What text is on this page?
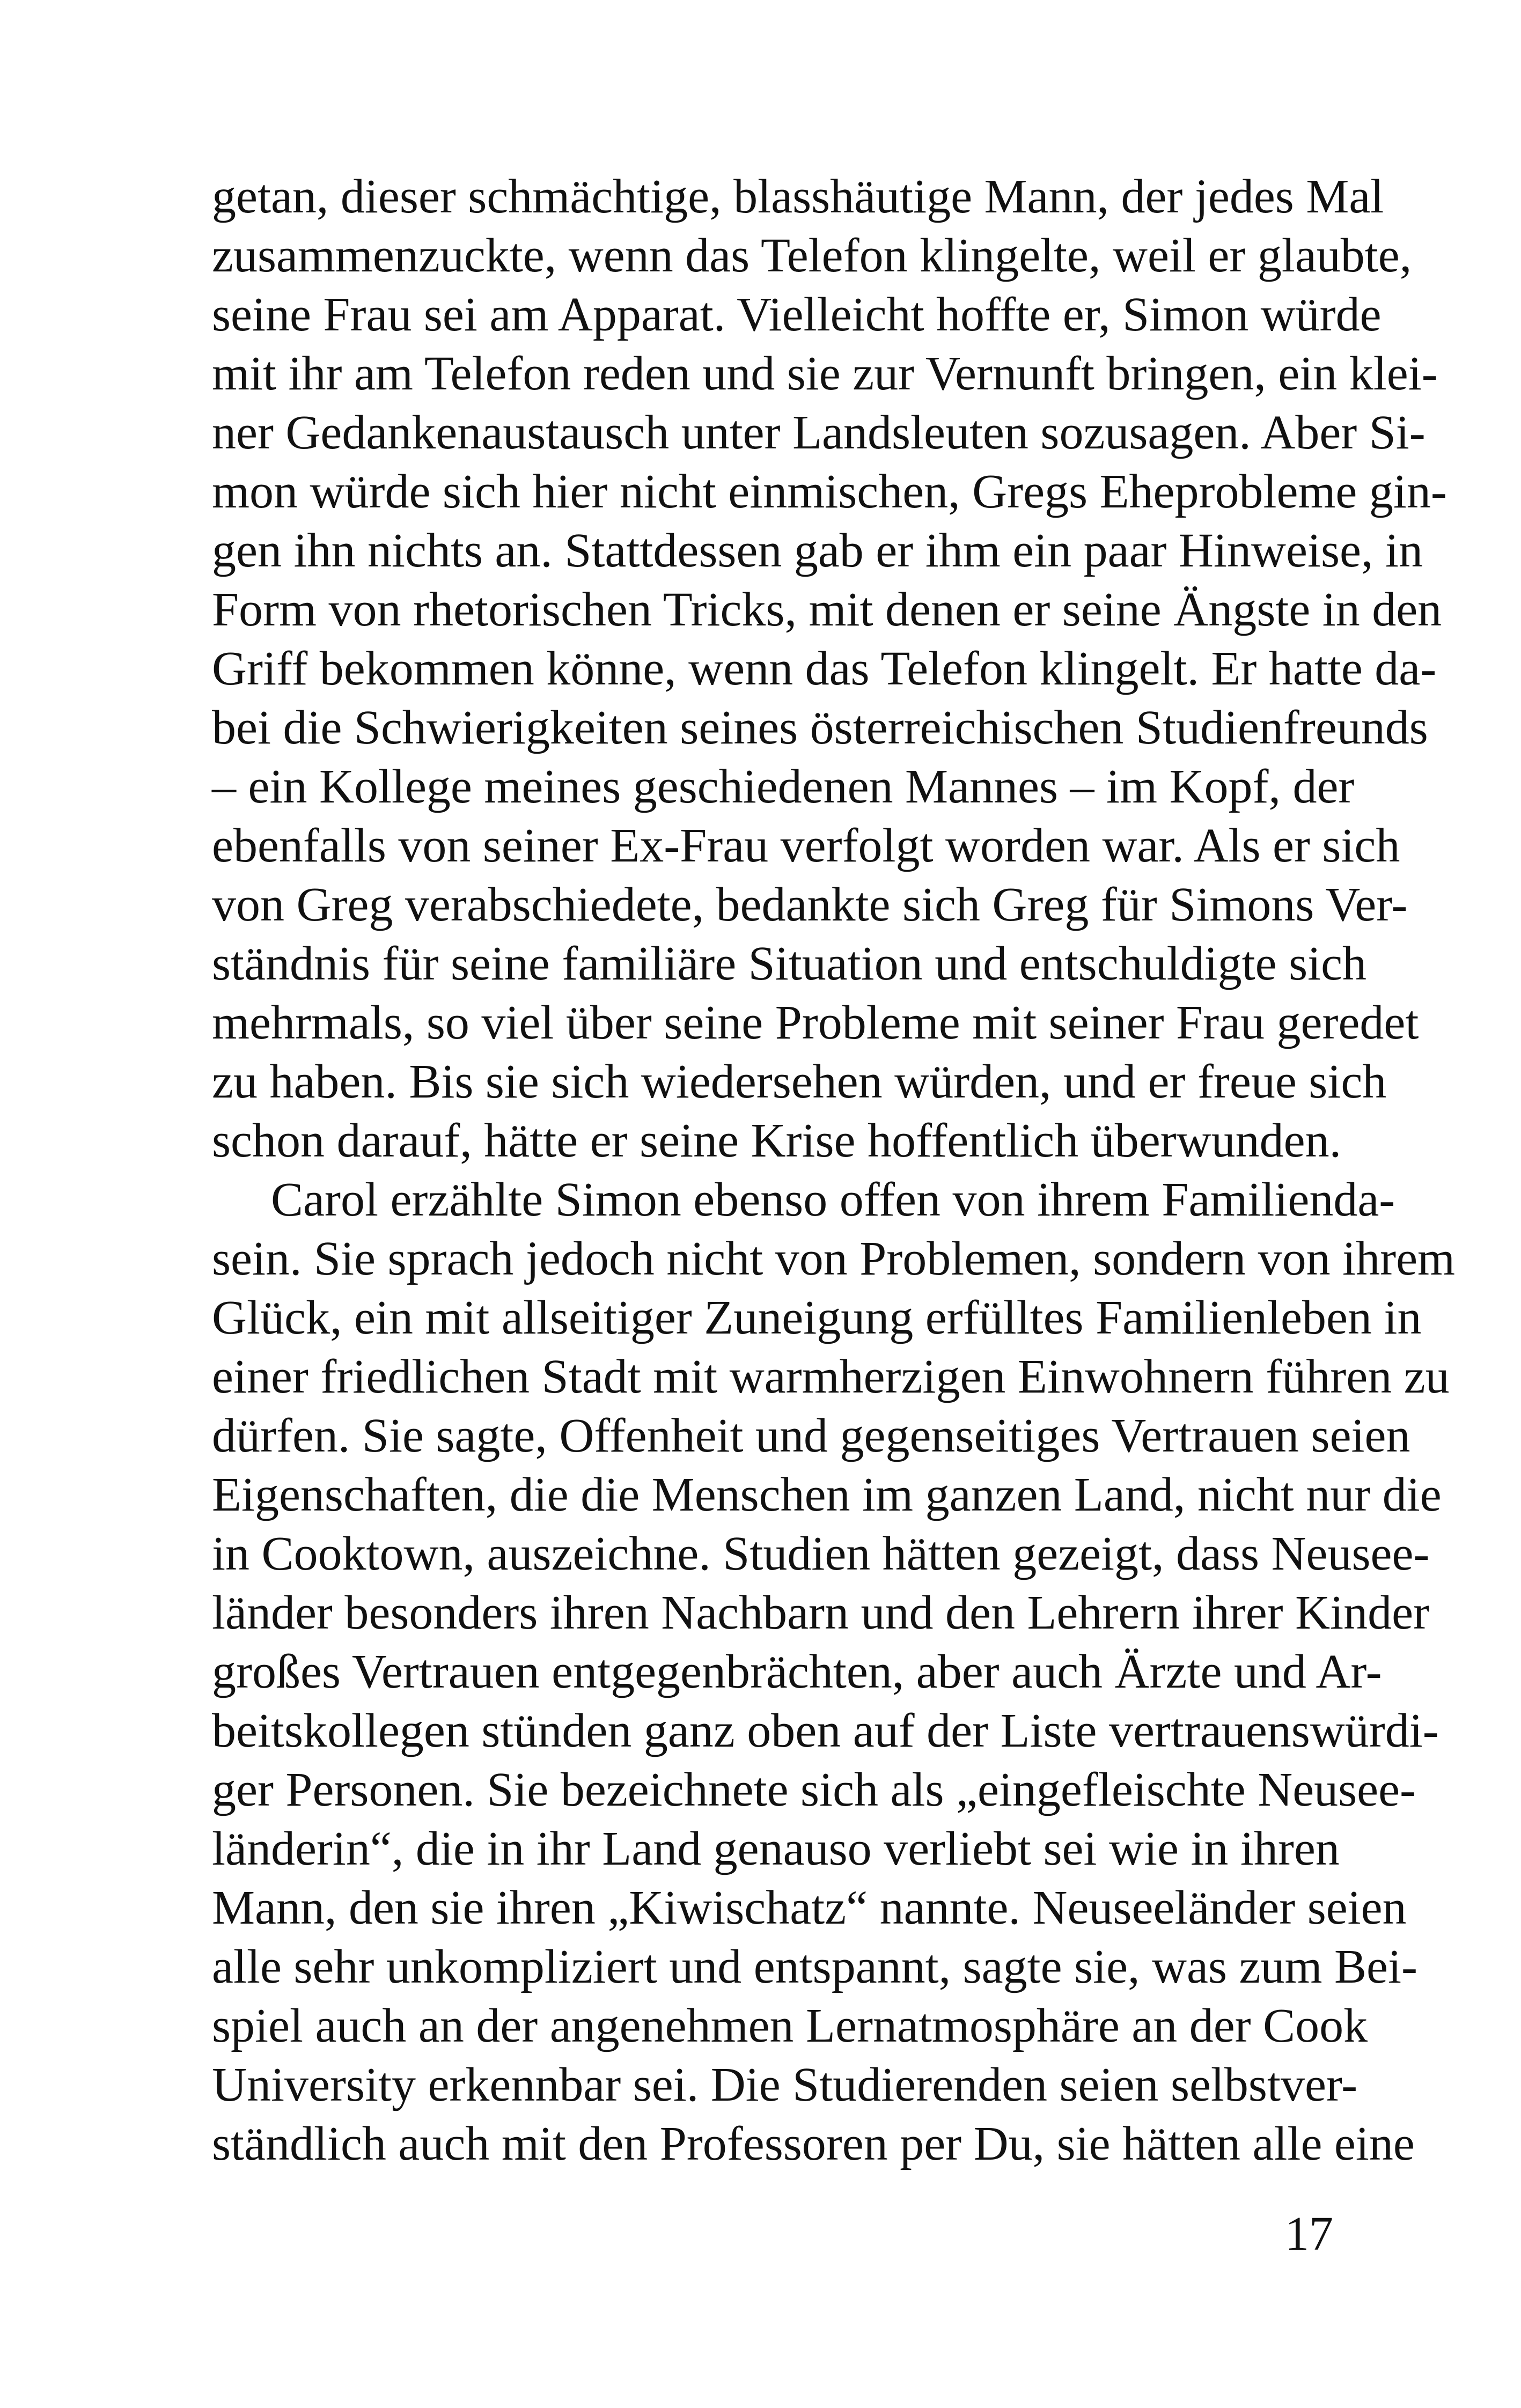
getan, dieser schmächtige, blasshäutige Mann, der jedes Mal
zusammenzuckte, wenn das Telefon klingelte, weil er glaubte,
seine Frau sei am Apparat. Vielleicht hoffte er, Simon würde
mit ihr am Telefon reden und sie zur Vernunft bringen, ein klei-
ner Gedankenaustausch unter Landsleuten sozusagen. Aber Si-
mon würde sich hier nicht einmischen, Gregs Eheprobleme gin-
gen ihn nichts an. Stattdessen gab er ihm ein paar Hinweise, in
Form von rhetorischen Tricks, mit denen er seine Ängste in den
Griff bekommen könne, wenn das Telefon klingelt. Er hatte da-
bei die Schwierigkeiten seines österreichischen Studienfreunds
– ein Kollege meines geschiedenen Mannes – im Kopf, der
ebenfalls von seiner Ex-Frau verfolgt worden war. Als er sich
von Greg verabschiedete, bedankte sich Greg für Simons Ver-
ständnis für seine familiäre Situation und entschuldigte sich
mehrmals, so viel über seine Probleme mit seiner Frau geredet
zu haben. Bis sie sich wiedersehen würden, und er freue sich
schon darauf, hätte er seine Krise hoffentlich überwunden.
Carol erzählte Simon ebenso offen von ihrem Familienda-
sein. Sie sprach jedoch nicht von Problemen, sondern von ihrem
Glück, ein mit allseitiger Zuneigung erfülltes Familienleben in
einer friedlichen Stadt mit warmherzigen Einwohnern führen zu
dürfen. Sie sagte, Offenheit und gegenseitiges Vertrauen seien
Eigenschaften, die die Menschen im ganzen Land, nicht nur die
in Cooktown, auszeichne. Studien hätten gezeigt, dass Neusee-
länder besonders ihren Nachbarn und den Lehrern ihrer Kinder
großes Vertrauen entgegenbrächten, aber auch Ärzte und Ar-
beitskollegen stünden ganz oben auf der Liste vertrauenswürdi-
ger Personen. Sie bezeichnete sich als „eingefleischte Neusee-
länderin“, die in ihr Land genauso verliebt sei wie in ihren
Mann, den sie ihren „Kiwischatz“ nannte. Neuseeländer seien
alle sehr unkompliziert und entspannt, sagte sie, was zum Bei-
spiel auch an der angenehmen Lernatmosphäre an der Cook
University erkennbar sei. Die Studierenden seien selbstver-
ständlich auch mit den Professoren per Du, sie hätten alle eine
17
